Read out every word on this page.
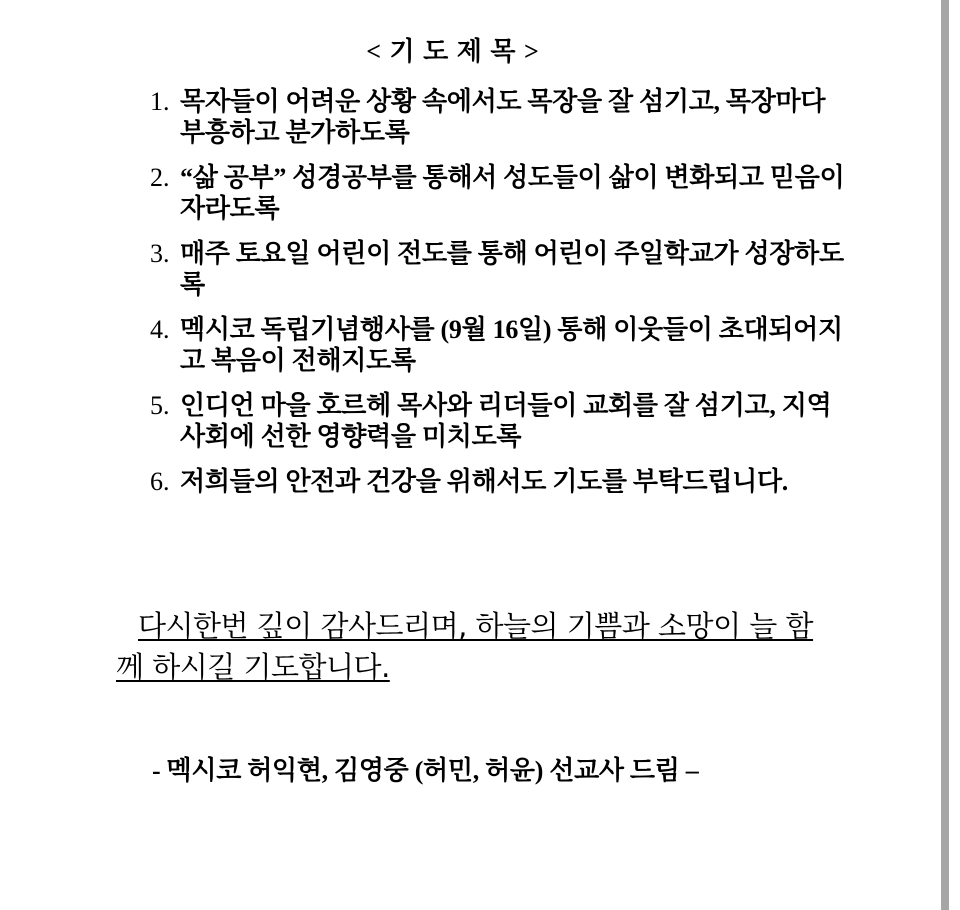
< 기 도 제 목 >
1. 목자들이 어려운 상황 속에서도 목장을 잘 섬기고, 목장마다 부흥하고 분가하도록
2. “삶 공부” 성경공부를 통해서 성도들이 삶이 변화되고 믿음이 자라도록
3. 매주 토요일 어린이 전도를 통해 어린이 주일학교가 성장하도록
4. 멕시코 독립기념행사를 (9월 16일) 통해 이웃들이 초대되어지고 복음이 전해지도록
5. 인디언 마을 호르헤 목사와 리더들이 교회를 잘 섬기고, 지역 사회에 선한 영향력을 미치도록
6. 저희들의 안전과 건강을 위해서도 기도를 부탁드립니다.

다시한번 깊이 감사드리며, 하늘의 기쁨과 소망이 늘 함께 하시길 기도합니다.

- 멕시코 허익현, 김영중 (허민, 허윤) 선교사 드림 –
